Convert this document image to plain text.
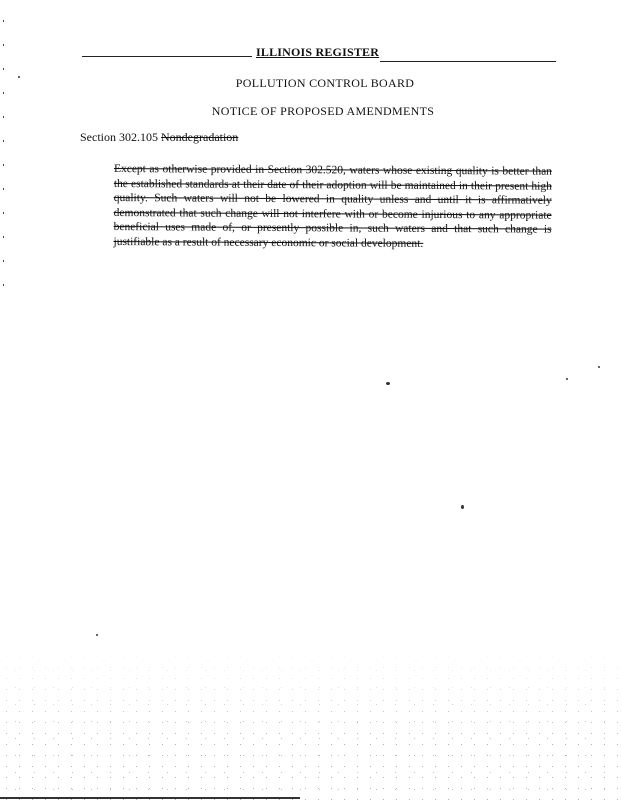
ILLINOIS REGISTER
POLLUTION CONTROL BOARD
NOTICE OF PROPOSED AMENDMENTS
Section 302.105 Nondegradation
Except as otherwise provided in Section 302.520, waters whose existing quality is better than the established standards at their date of their adoption will be maintained in their present high quality. Such waters will not be lowered in quality unless and until it is affirmatively demonstrated that such change will not interfere with or become injurious to any appropriate beneficial uses made of, or presently possible in, such waters and that such change is justifiable as a result of necessary economic or social development.
